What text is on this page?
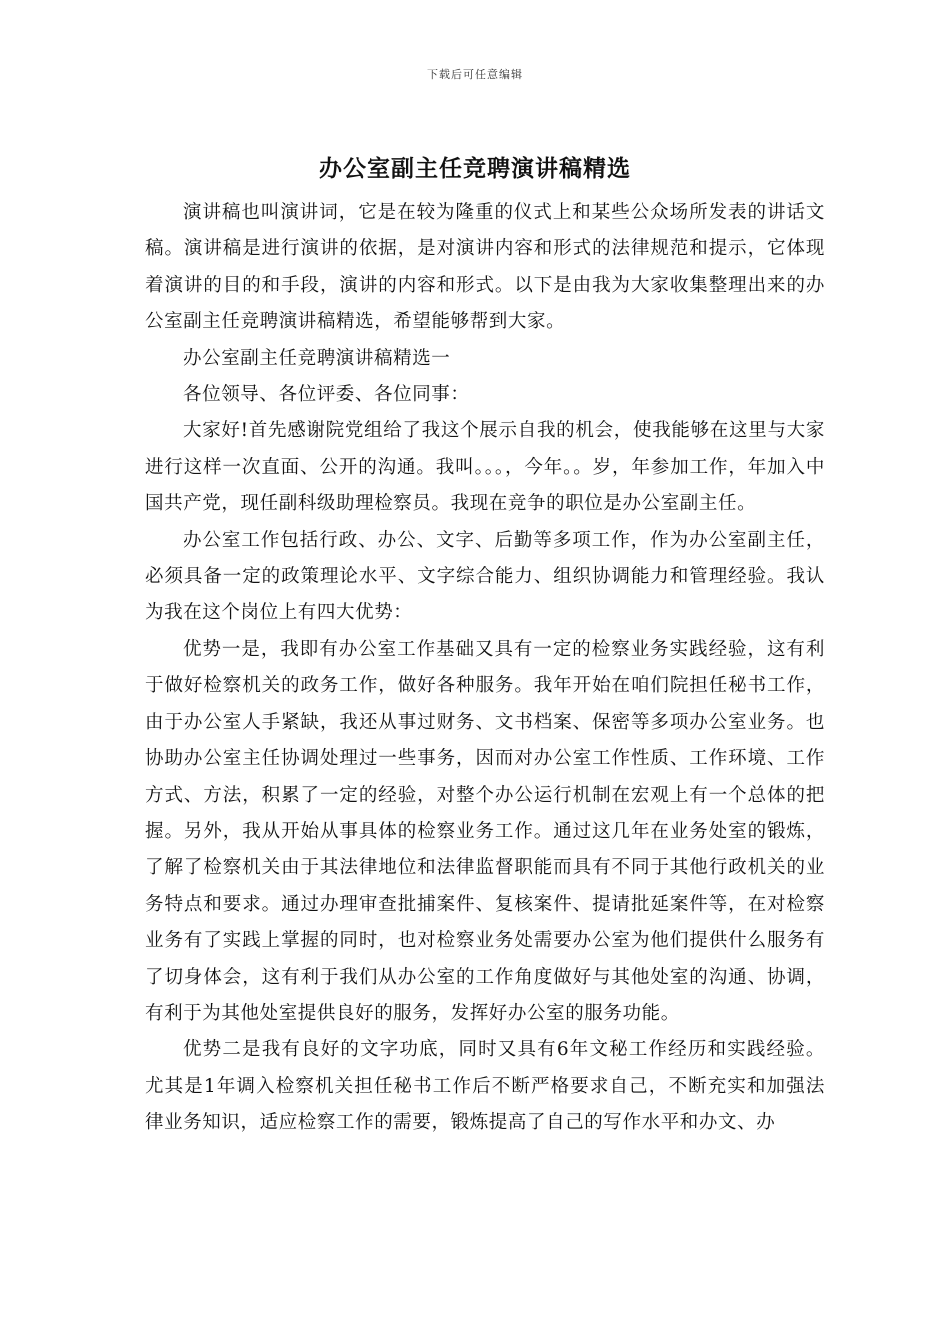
下载后可任意编辑
办公室副主任竞聘演讲稿精选

演讲稿也叫演讲词，它是在较为隆重的仪式上和某些公众场所发表的讲话文稿。演讲稿是进行演讲的依据，是对演讲内容和形式的法律规范和提示，它体现着演讲的目的和手段，演讲的内容和形式。以下是由我为大家收集整理出来的办公室副主任竞聘演讲稿精选，希望能够帮到大家。

办公室副主任竞聘演讲稿精选一

各位领导、各位评委、各位同事：

大家好!首先感谢院党组给了我这个展示自我的机会，使我能够在这里与大家进行这样一次直面、公开的沟通。我叫。。。，今年。。岁，年参加工作，年加入中国共产党，现任副科级助理检察员。我现在竞争的职位是办公室副主任。

办公室工作包括行政、办公、文字、后勤等多项工作，作为办公室副主任，必须具备一定的政策理论水平、文字综合能力、组织协调能力和管理经验。我认为我在这个岗位上有四大优势：

优势一是，我即有办公室工作基础又具有一定的检察业务实践经验，这有利于做好检察机关的政务工作，做好各种服务。我年开始在咱们院担任秘书工作，由于办公室人手紧缺，我还从事过财务、文书档案、保密等多项办公室业务。也协助办公室主任协调处理过一些事务，因而对办公室工作性质、工作环境、工作方式、方法，积累了一定的经验，对整个办公运行机制在宏观上有一个总体的把握。另外，我从开始从事具体的检察业务工作。通过这几年在业务处室的锻炼，了解了检察机关由于其法律地位和法律监督职能而具有不同于其他行政机关的业务特点和要求。通过办理审查批捕案件、复核案件、提请批延案件等，在对检察业务有了实践上掌握的同时，也对检察业务处需要办公室为他们提供什么服务有了切身体会，这有利于我们从办公室的工作角度做好与其他处室的沟通、协调，有利于为其他处室提供良好的服务，发挥好办公室的服务功能。

优势二是我有良好的文字功底，同时又具有6年文秘工作经历和实践经验。尤其是1年调入检察机关担任秘书工作后不断严格要求自己，不断充实和加强法律业务知识，适应检察工作的需要，锻炼提高了自己的写作水平和办文、办
